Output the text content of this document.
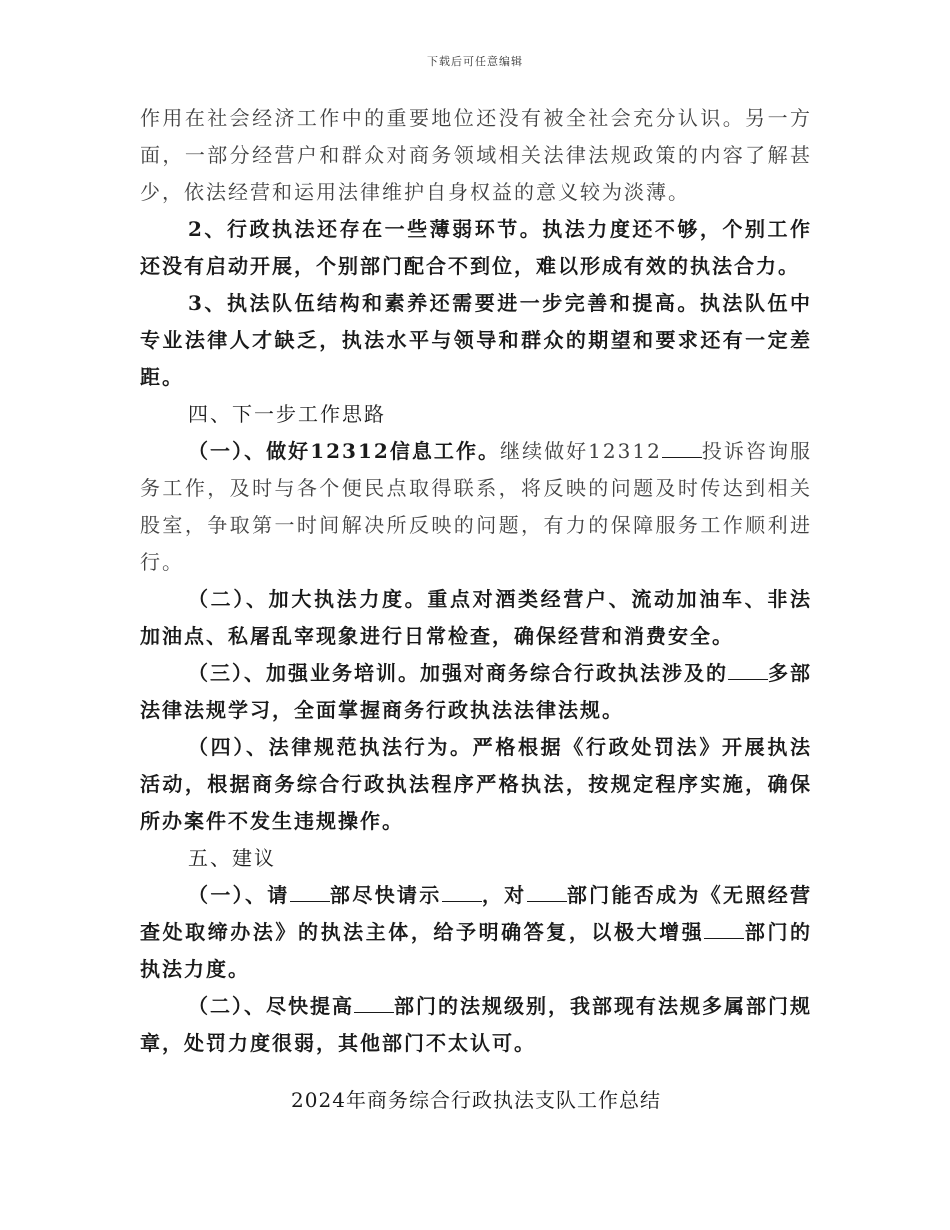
下载后可任意编辑

作用在社会经济工作中的重要地位还没有被全社会充分认识。另一方面，一部分经营户和群众对商务领域相关法律法规政策的内容了解甚少，依法经营和运用法律维护自身权益的意义较为淡薄。

2、行政执法还存在一些薄弱环节。执法力度还不够，个别工作还没有启动开展，个别部门配合不到位，难以形成有效的执法合力。

3、执法队伍结构和素养还需要进一步完善和提高。执法队伍中专业法律人才缺乏，执法水平与领导和群众的期望和要求还有一定差距。

四、下一步工作思路

（一）、做好12312信息工作。继续做好12312 投诉咨询服务工作，及时与各个便民点取得联系，将反映的问题及时传达到相关股室，争取第一时间解决所反映的问题，有力的保障服务工作顺利进行。

（二）、加大执法力度。重点对酒类经营户、流动加油车、非法加油点、私屠乱宰现象进行日常检查，确保经营和消费安全。

（三）、加强业务培训。加强对商务综合行政执法涉及的 多部法律法规学习，全面掌握商务行政执法法律法规。

（四）、法律规范执法行为。严格根据《行政处罚法》开展执法活动，根据商务综合行政执法程序严格执法，按规定程序实施，确保所办案件不发生违规操作。

五、建议

（一）、请 部尽快请示 ，对 部门能否成为《无照经营查处取缔办法》的执法主体，给予明确答复，以极大增强 部门的执法力度。

（二）、尽快提高 部门的法规级别，我部现有法规多属部门规章，处罚力度很弱，其他部门不太认可。

2024年商务综合行政执法支队工作总结
